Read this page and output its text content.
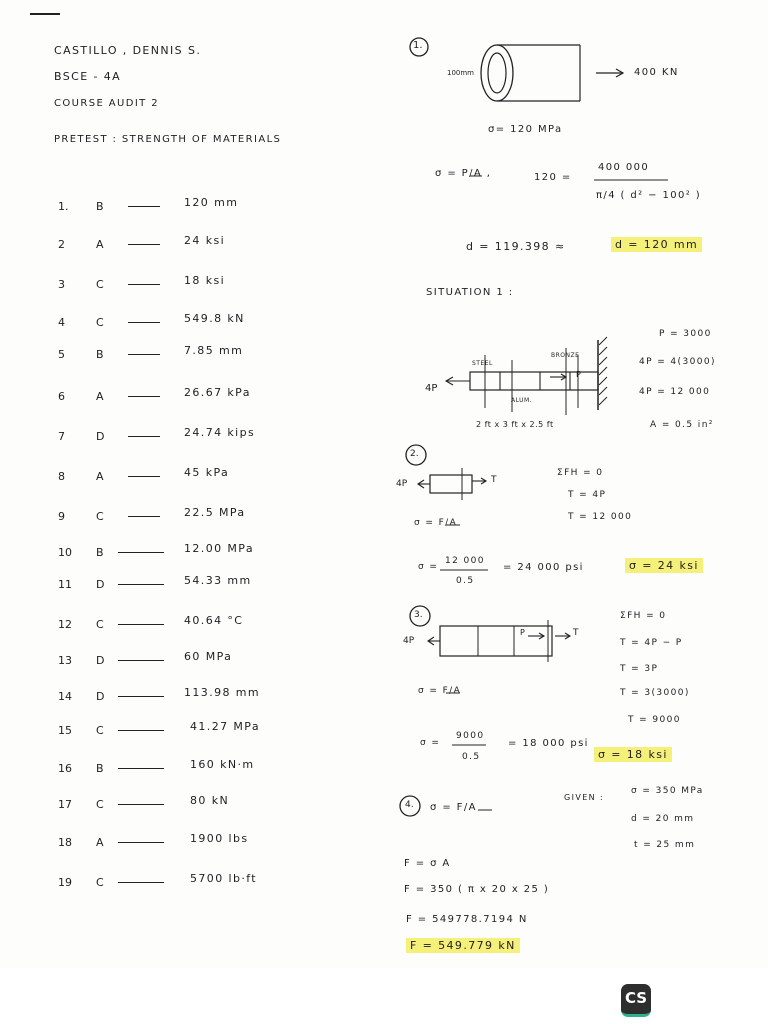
CASTILLO , DENNIS S.
BSCE - 4A
COURSE AUDIT 2
PRETEST : STRENGTH OF MATERIALS
1.	B	120 mm
2	A	24 ksi
3	C	18 ksi
4	C	549.8 kN
5	B	7.85 mm
6	A	26.67 kPa
7	D	24.74 kips
8	A	45 kPa
9	C	22.5 MPa
10 B	12.00 MPa
11 D	54.33 mm
12 C	40.64 °C
13 D	60 MPa
14 D	113.98 mm
15 C	41.27 MPa
16 B	160 kN·m
17 C	80 kN
18 A	1900 lbs
19 C	5700 lb·ft
1.
100mm	400 KN
σ= 120 MPa
σ = P/A ,	120 =
400 000
π/4 ( d² − 100² )
d = 119.398 ≈	d = 120 mm
SITUATION 1 :
4P
STEEL
BRONZE
ALUM.
P
2 ft x 3 ft x 2.5 ft
P = 3000
4P = 4(3000)
4P = 12 000
A = 0.5 in²
2.
4P	T
ΣFH = 0
T = 4P
T = 12 000
σ = F/A
σ =
12 000
0.5
= 24 000 psi	σ = 24 ksi
3.
4P
P	T
ΣFH = 0
T = 4P − P
T = 3P
T = 3(3000)
T = 9000
σ = F/A
σ =
9000
0.5
= 18 000 psi
σ = 18 ksi
4. σ = F/A
GIVEN :
σ = 350 MPa
d = 20 mm
t = 25 mm
F = σ A
F = 350 ( π x 20 x 25 )
F = 549778.7194 N
F = 549.779 kN
CS
